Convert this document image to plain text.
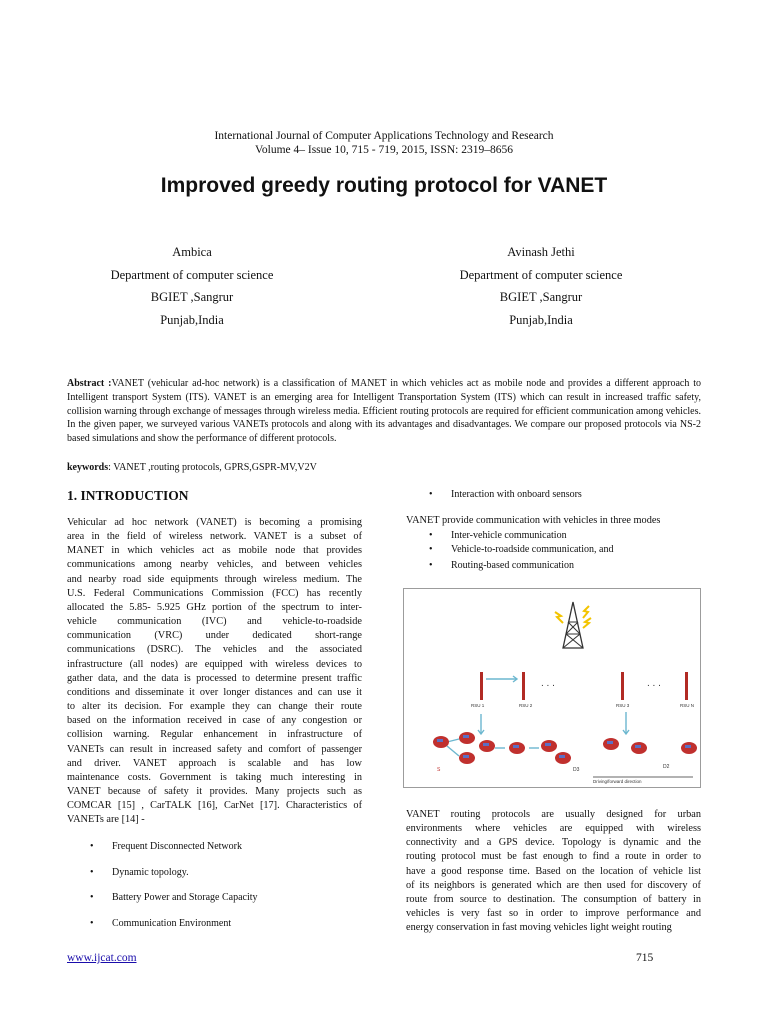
International Journal of Computer Applications Technology and Research
Volume 4– Issue 10, 715 - 719, 2015, ISSN: 2319–8656
Improved greedy routing protocol for VANET
Ambica
Department of computer science
BGIET ,Sangrur
Punjab,India
Avinash Jethi
Department of computer science
BGIET ,Sangrur
Punjab,India
Abstract :VANET (vehicular ad-hoc network) is a classification of MANET in which vehicles act as mobile node and provides a different approach to Intelligent transport System (ITS). VANET is an emerging area for Intelligent Transportation System (ITS) which can result in increased traffic safety, collision warning through exchange of messages through wireless media. Efficient routing protocols are required for efficient communication among vehicles. In the given paper, we surveyed various VANETs protocols and along with its advantages and disadvantages. We compare our proposed protocols via NS-2 based simulations and show the performance of different protocols.
keywords: VANET ,routing protocols, GPRS,GSPR-MV,V2V
1. INTRODUCTION
Vehicular ad hoc network (VANET) is becoming a promising
area in the field of wireless network. VANET is a subset of
MANET in which vehicles act as mobile node that provides
communications among nearby vehicles, and between vehicles
and nearby road side equipments through wireless medium. The
U.S. Federal Communications Commission (FCC) has recently
allocated the 5.85- 5.925 GHz portion of the spectrum to inter-
vehicle communication (IVC) and vehicle-to-roadside
communication (VRC) under dedicated short-range
communications (DSRC). The vehicles and the associated
infrastructure (all nodes) are equipped with wireless devices to
gather data, and the data is processed to determine present traffic
conditions and disseminate it over longer distances and can use it
to alter its decision. For example they can change their route
based on the information received in case of any congestion or
collision warning. Regular enhancement in infrastructure of
VANETs can result in increased safety and comfort of passenger
and driver. VANET approach is scalable and has low
maintenance costs. Government is taking much interesting in
VANET because of safety it provides. Many projects such as
COMCAR [15] , CarTALK [16], CarNet [17]. Characteristics of
VANETs are [14] -
• Frequent Disconnected Network
• Dynamic topology.
• Battery Power and Storage Capacity
• Communication Environment
• Interaction with onboard sensors
VANET provide communication with vehicles in three modes
• Inter-vehicle communication
• Vehicle-to-roadside communication, and
• Routing-based communication
RSU 1	RSU 2	RSU 3	RSU N
. . .	. . .
S	D3	D2
Driving/forward direction
VANET routing protocols are usually designed for urban
environments where vehicles are equipped with wireless
connectivity and a GPS device. Topology is dynamic and the
routing protocol must be fast enough to find a route in order to
have a good response time. Based on the location of vehicle list
of its neighbors is generated which are then used for discovery of
route from source to destination. The consumption of battery in
vehicles is very fast so in order to improve performance and
energy conservation in fast moving vehicles light weight routing
www.ijcat.com	715
